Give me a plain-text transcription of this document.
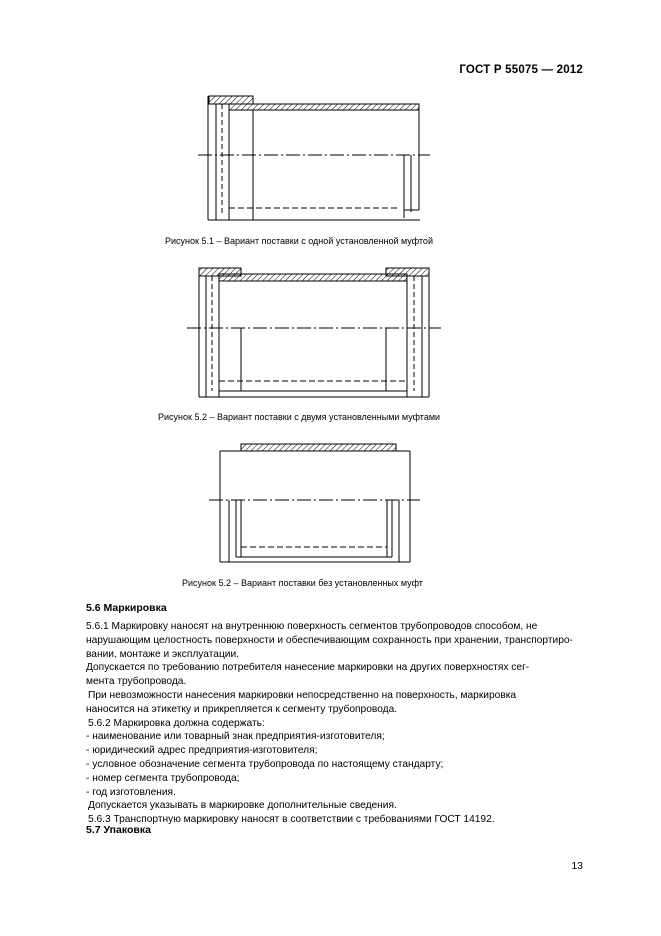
ГОСТ Р 55075 — 2012
Рисунок 5.1 – Вариант поставки с одной установленной муфтой
Рисунок 5.2 – Вариант поставки с двумя установленными муфтами
Рисунок 5.2 – Вариант поставки без установленных муфт
5.6 Маркировка
5.6.1 Маркировку наносят на внутреннюю поверхность сегментов трубопроводов способом, не
нарушающим целостность поверхности и обеспечивающим сохранность при хранении, транспортиро-
вании, монтаже и эксплуатации.
Допускается по требованию потребителя нанесение маркировки на других поверхностях сег-
мента трубопровода.
При невозможности нанесения маркировки непосредственно на поверхность, маркировка
наносится на этикетку и прикрепляется к сегменту трубопровода.
5.6.2 Маркировка должна содержать:
- наименование или товарный знак предприятия-изготовителя;
- юридический адрес предприятия-изготовителя;
- условное обозначение сегмента трубопровода по настоящему стандарту;
- номер сегмента трубопровода;
- год изготовления.
Допускается указывать в маркировке дополнительные сведения.
5.6.3 Транспортную маркировку наносят в соответствии с требованиями ГОСТ 14192.
5.7 Упаковка
13
